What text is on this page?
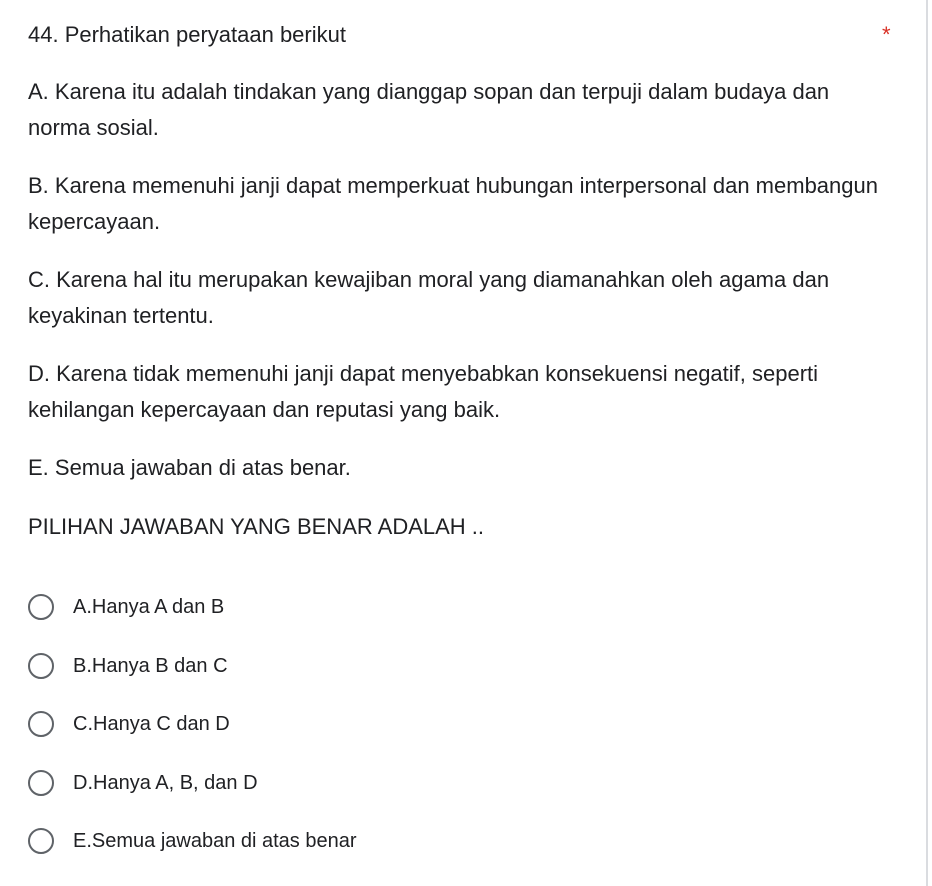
44. Perhatikan peryataan berikut	*
A. Karena itu adalah tindakan yang dianggap sopan dan terpuji dalam budaya dan norma sosial.
B. Karena memenuhi janji dapat memperkuat hubungan interpersonal dan membangun kepercayaan.
C. Karena hal itu merupakan kewajiban moral yang diamanahkan oleh agama dan keyakinan tertentu.
D. Karena tidak memenuhi janji dapat menyebabkan konsekuensi negatif, seperti kehilangan kepercayaan dan reputasi yang baik.
E. Semua jawaban di atas benar.
PILIHAN JAWABAN YANG BENAR ADALAH ..
A.Hanya A dan B
B.Hanya B dan C
C.Hanya C dan D
D.Hanya A, B, dan D
E.Semua jawaban di atas benar
